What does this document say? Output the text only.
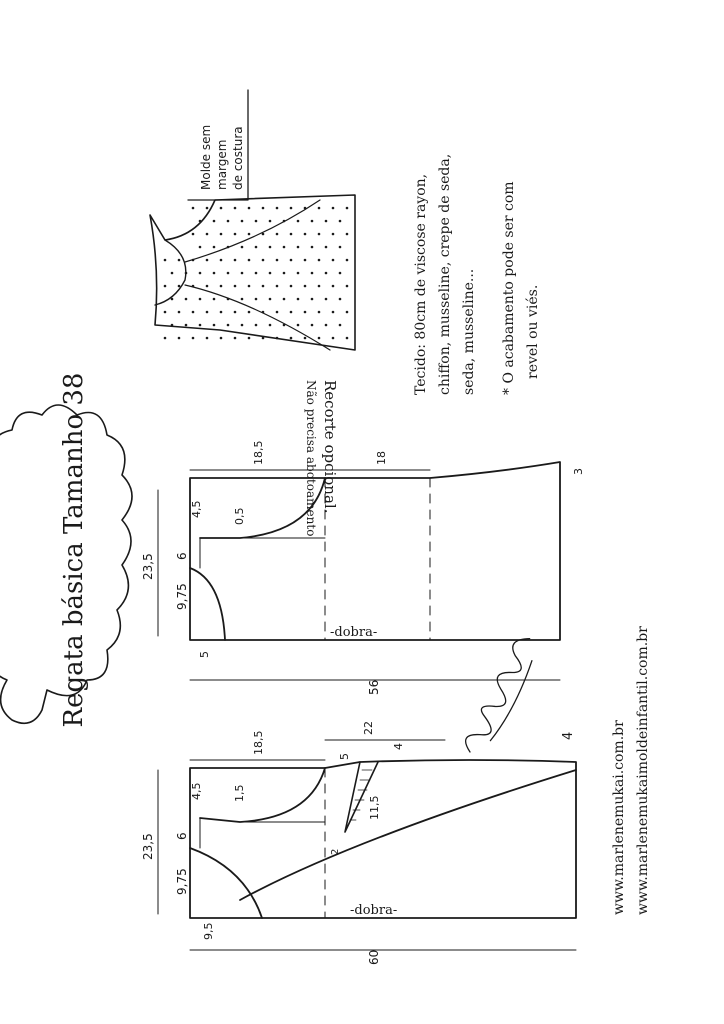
Regata básica Tamanho 38
Molde sem margem de costura
Tecido: 80cm de viscose rayon, chiffon, musseline, crepe de seda, seda, musseline... * O acabamento pode ser com revel ou viés.
Recorte opcional.
Não precisa abotoamento
18,5	18
23,5
4,5	0,5
6
9,75
5
-dobra-
56
3
18,5
22
5
4
11,5
2
23,5
4,5	1,5
6
9,75
9,5
-dobra-
60
4	www.marlenemukai.com.br www.marlenemukaimoldeinfantil.com.br
